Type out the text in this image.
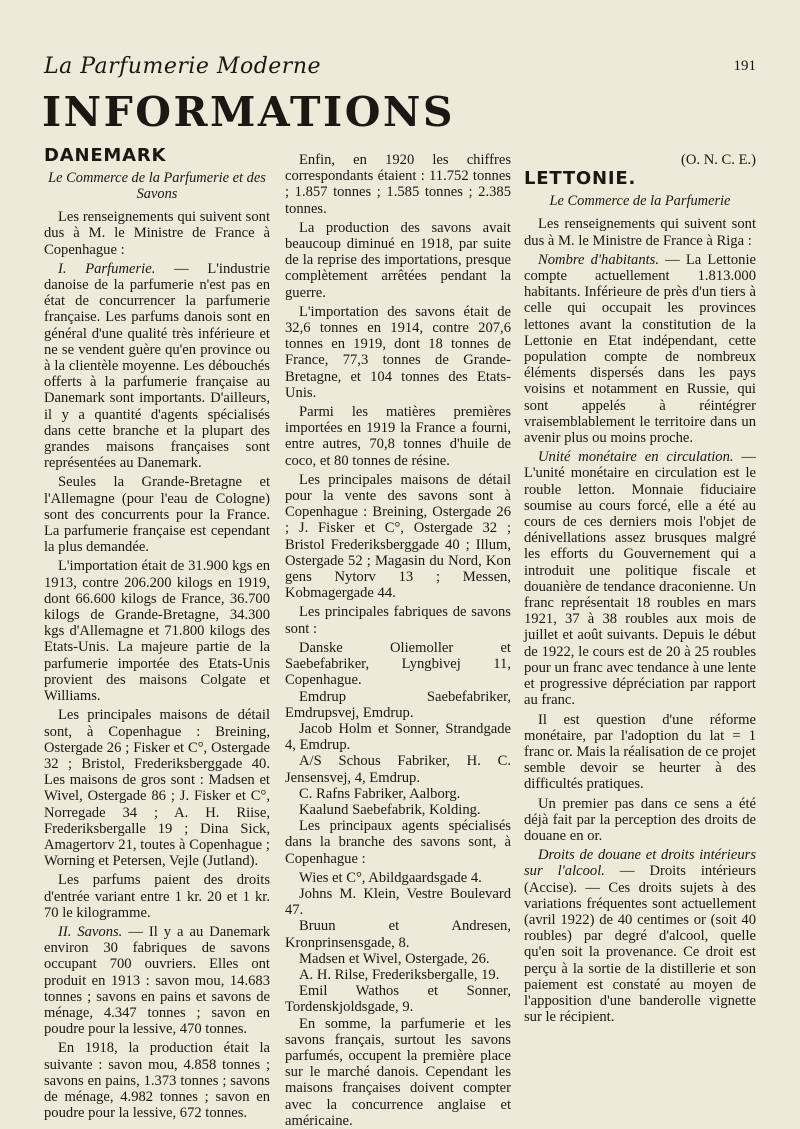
La Parfumerie Moderne	191
INFORMATIONS
DANEMARK
Le Commerce de la Parfumerie et des Savons

Les renseignements qui suivent sont dus à M. le Ministre de France à Copenhague :

I. Parfumerie. — L'industrie danoise de la parfumerie n'est pas en état de concurrencer la parfumerie française. Les parfums danois sont en général d'une qualité très inférieure et ne se vendent guère qu'en province ou à la clientèle moyenne. Les débouchés offerts à la parfumerie française au Danemark sont importants. D'ailleurs, il y a quantité d'agents spécialisés dans cette branche et la plupart des grandes maisons françaises sont représentées au Danemark.

Seules la Grande-Bretagne et l'Allemagne (pour l'eau de Cologne) sont des concurrents pour la France. La parfumerie française est cependant la plus demandée.

L'importation était de 31.900 kgs en 1913, contre 206.200 kilogs en 1919, dont 66.600 kilogs de France, 36.700 kilogs de Grande-Bretagne, 34.300 kgs d'Allemagne et 71.800 kilogs des Etats-Unis. La majeure partie de la parfumerie importée des Etats-Unis provient des maisons Colgate et Williams.

Les principales maisons de détail sont, à Copenhague : Breining, Ostergade 26 ; Fisker et C°, Ostergade 32 ; Bristol, Frederiksberggade 40. Les maisons de gros sont : Madsen et Wivel, Ostergade 86 ; J. Fisker et C°, Norregade 34 ; A. H. Riise, Frederiksbergalle 19 ; Dina Sick, Amagertorv 21, toutes à Copenhague ; Worning et Petersen, Vejle (Jutland).

Les parfums paient des droits d'entrée variant entre 1 kr. 20 et 1 kr. 70 le kilogramme.

II. Savons. — Il y a au Danemark environ 30 fabriques de savons occupant 700 ouvriers. Elles ont produit en 1913 : savon mou, 14.683 tonnes ; savons en pains et savons de ménage, 4.347 tonnes ; savon en poudre pour la lessive, 470 tonnes.

En 1918, la production était la suivante : savon mou, 4.858 tonnes ; savons en pains, 1.373 tonnes ; savons de ménage, 4.982 tonnes ; savon en poudre pour la lessive, 672 tonnes.

Enfin, en 1920 les chiffres correspondants étaient : 11.752 tonnes ; 1.857 tonnes ; 1.585 tonnes ; 2.385 tonnes.

La production des savons avait beaucoup diminué en 1918, par suite de la reprise des importations, presque complètement arrêtées pendant la guerre.

L'importation des savons était de 32,6 tonnes en 1914, contre 207,6 tonnes en 1919, dont 18 tonnes de France, 77,3 tonnes de Grande-Bretagne, et 104 tonnes des Etats-Unis.

Parmi les matières premières importées en 1919 la France a fourni, entre autres, 70,8 tonnes d'huile de coco, et 80 tonnes de résine.

Les principales maisons de détail pour la vente des savons sont à Copenhague : Breining, Ostergade 26 ; J. Fisker et C°, Ostergade 32 ; Bristol Frederiksberggade 40 ; Illum, Ostergade 52 ; Magasin du Nord, Kon gens Nytorv 13 ; Messen, Kobmagergade 44.

Les principales fabriques de savons sont :

Danske Oliemoller et Saebefabriker, Lyngbivej 11, Copenhague.

Emdrup Saebefabriker, Emdrupsvej, Emdrup.

Jacob Holm et Sonner, Strandgade 4, Emdrup.

A/S Schous Fabriker, H. C. Jensensvej, 4, Emdrup.

C. Rafns Fabriker, Aalborg.

Kaalund Saebefabrik, Kolding.

Les principaux agents spécialisés dans la branche des savons sont, à Copenhague :

Wies et C°, Abildgaardsgade 4.

Johns M. Klein, Vestre Boulevard 47.

Bruun et Andresen, Kronprinsensgade, 8.

Madsen et Wivel, Ostergade, 26.

A. H. Rilse, Frederiksbergalle, 19.

Emil Wathos et Sonner, Tordenskjoldsgade, 9.

En somme, la parfumerie et les savons français, surtout les savons parfumés, occupent la première place sur le marché danois. Cependant les maisons françaises doivent compter avec la concurrence anglaise et américaine.

(O. N. C. E.)

LETTONIE.
Le Commerce de la Parfumerie

Les renseignements qui suivent sont dus à M. le Ministre de France à Riga :

Nombre d'habitants. — La Lettonie compte actuellement 1.813.000 habitants. Inférieure de près d'un tiers à celle qui occupait les provinces lettones avant la constitution de la Lettonie en Etat indépendant, cette population compte de nombreux éléments dispersés dans les pays voisins et notamment en Russie, qui sont appelés à réintégrer vraisemblablement le territoire dans un avenir plus ou moins proche.

Unité monétaire en circulation. — L'unité monétaire en circulation est le rouble letton. Monnaie fiduciaire soumise au cours forcé, elle a été au cours de ces derniers mois l'objet de dénivellations assez brusques malgré les efforts du Gouvernement qui a introduit une politique fiscale et douanière de tendance draconienne. Un franc représentait 18 roubles en mars 1921, 37 à 38 roubles aux mois de juillet et août suivants. Depuis le début de 1922, le cours est de 20 à 25 roubles pour un franc avec tendance à une lente et progressive dépréciation par rapport au franc.

Il est question d'une réforme monétaire, par l'adoption du lat = 1 franc or. Mais la réalisation de ce projet semble devoir se heurter à des difficultés pratiques.

Un premier pas dans ce sens a été déjà fait par la perception des droits de douane en or.

Droits de douane et droits intérieurs sur l'alcool. — Droits intérieurs (Accise). — Ces droits sujets à des variations fréquentes sont actuellement (avril 1922) de 40 centimes or (soit 40 roubles) par degré d'alcool, quelle qu'en soit la provenance. Ce droit est perçu à la sortie de la distillerie et son paiement est constaté au moyen de l'apposition d'une banderolle vignette sur le récipient.
